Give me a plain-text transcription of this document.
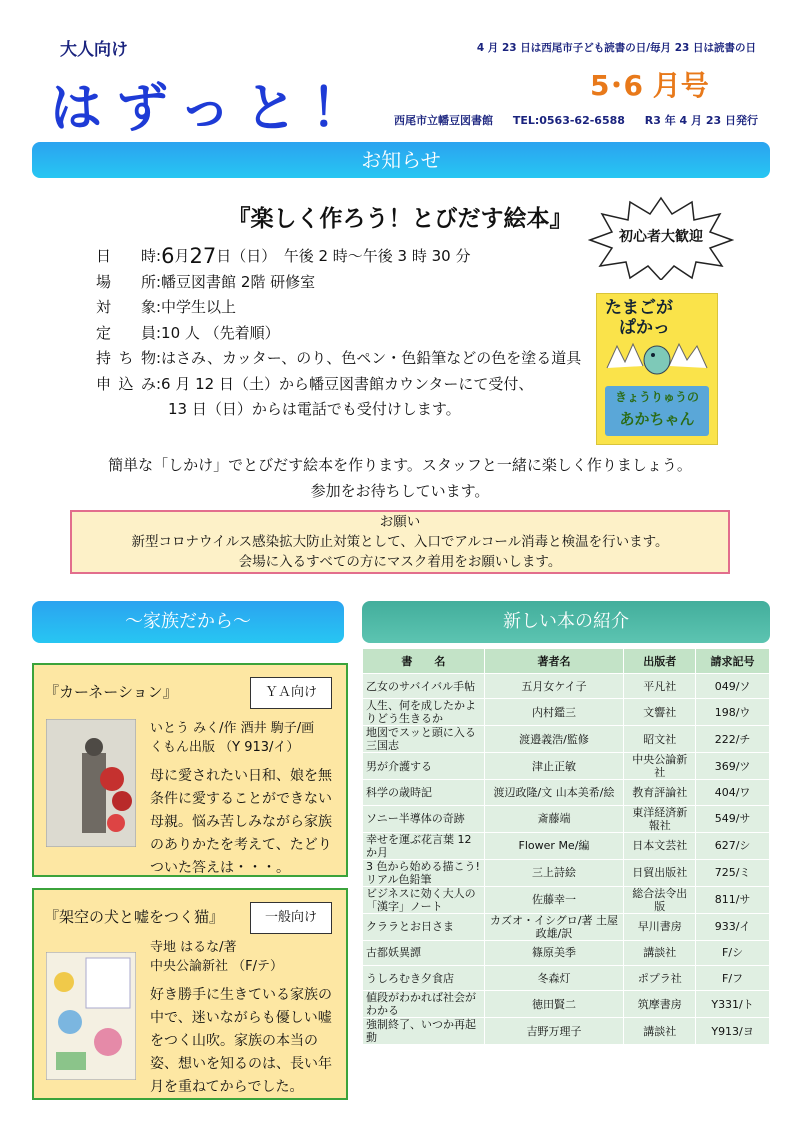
大人向け
はずっと！
4 月 23 日は西尾市子ども読書の日/毎月 23 日は読書の日
5･6 月号
西尾市立幡豆図書館 TEL:0563-62-6588 R3 年 4 月 23 日発行
お知らせ
『楽しく作ろう！とびだす絵本』
初心者大歓迎
日　時 : 6 月 27 日 （日）　午後 2 時～午後 3 時 30 分
場　所 :幡豆図書館 2階 研修室
対　象 :中学生以上
定　員 :10 人 （先着順）
持ち物 :はさみ、カッター、のり、色ペン・色鉛筆などの色を塗る道具
申込み :6 月 12 日（土）から幡豆図書館カウンターにて受付、
13 日（日）からは電話でも受付けします。
たまごが
ぱかっ
きょうりゅうの
あかちゃん
簡単な「しかけ」でとびだす絵本を作ります。スタッフと一緒に楽しく作りましょう。
参加をお待ちしています。

お願い

新型コロナウイルス感染拡大防止対策として、入口でアルコール消毒と検温を行います。

会場に入るすべての方にマスク着用をお願いします。

～家族だから～	新しい本の紹介
『カーネーション』	ＹＡ向け
いとう みく/作 酒井 駒子/画
くもん出版 （Y 913/イ）
母に愛されたい日和、娘を無条件に愛することができない母親。悩み苦しみながら家族のありかたを考えて、たどりついた答えは・・・。
『架空の犬と嘘をつく猫』	一般向け
寺地 はるな/著
中央公論新社 （F/テ）
好き勝手に生きている家族の中で、迷いながらも優しい嘘をつく山吹。家族の本当の姿、想いを知るのは、長い年月を重ねてからでした。
書　　名	著者名	出版者	請求記号
乙女のサバイバル手帖	五月女ケイ子	平凡社	049/ソ
人生、何を成したかよりどう生きるか	内村鑑三	文響社	198/ウ
地図でスッと頭に入る三国志	渡邉義浩/監修	昭文社	222/チ
男が介護する	津止正敏	中央公論新社	369/ツ
科学の歳時記	渡辺政隆/文 山本美希/絵	教育評論社	404/ワ
ソニー半導体の奇跡	斎藤端	東洋経済新報社	549/サ
幸せを運ぶ花言葉 12 か月	Flower Me/編	日本文芸社	627/シ
3 色から始める描こう! リアル色鉛筆	三上詩絵	日貿出版社	725/ミ
ビジネスに効く大人の「漢字」ノート	佐藤幸一	総合法令出版	811/サ
クララとお日さま	カズオ・イシグロ/著 土屋政雄/訳	早川書房	933/イ
古都妖異譚	篠原美季	講談社	F/シ
うしろむき夕食店	冬森灯	ポプラ社	F/フ
値段がわかれば社会がわかる	徳田賢二	筑摩書房	Y331/ト
強制終了、いつか再起動	吉野万理子	講談社	Y913/ヨ
